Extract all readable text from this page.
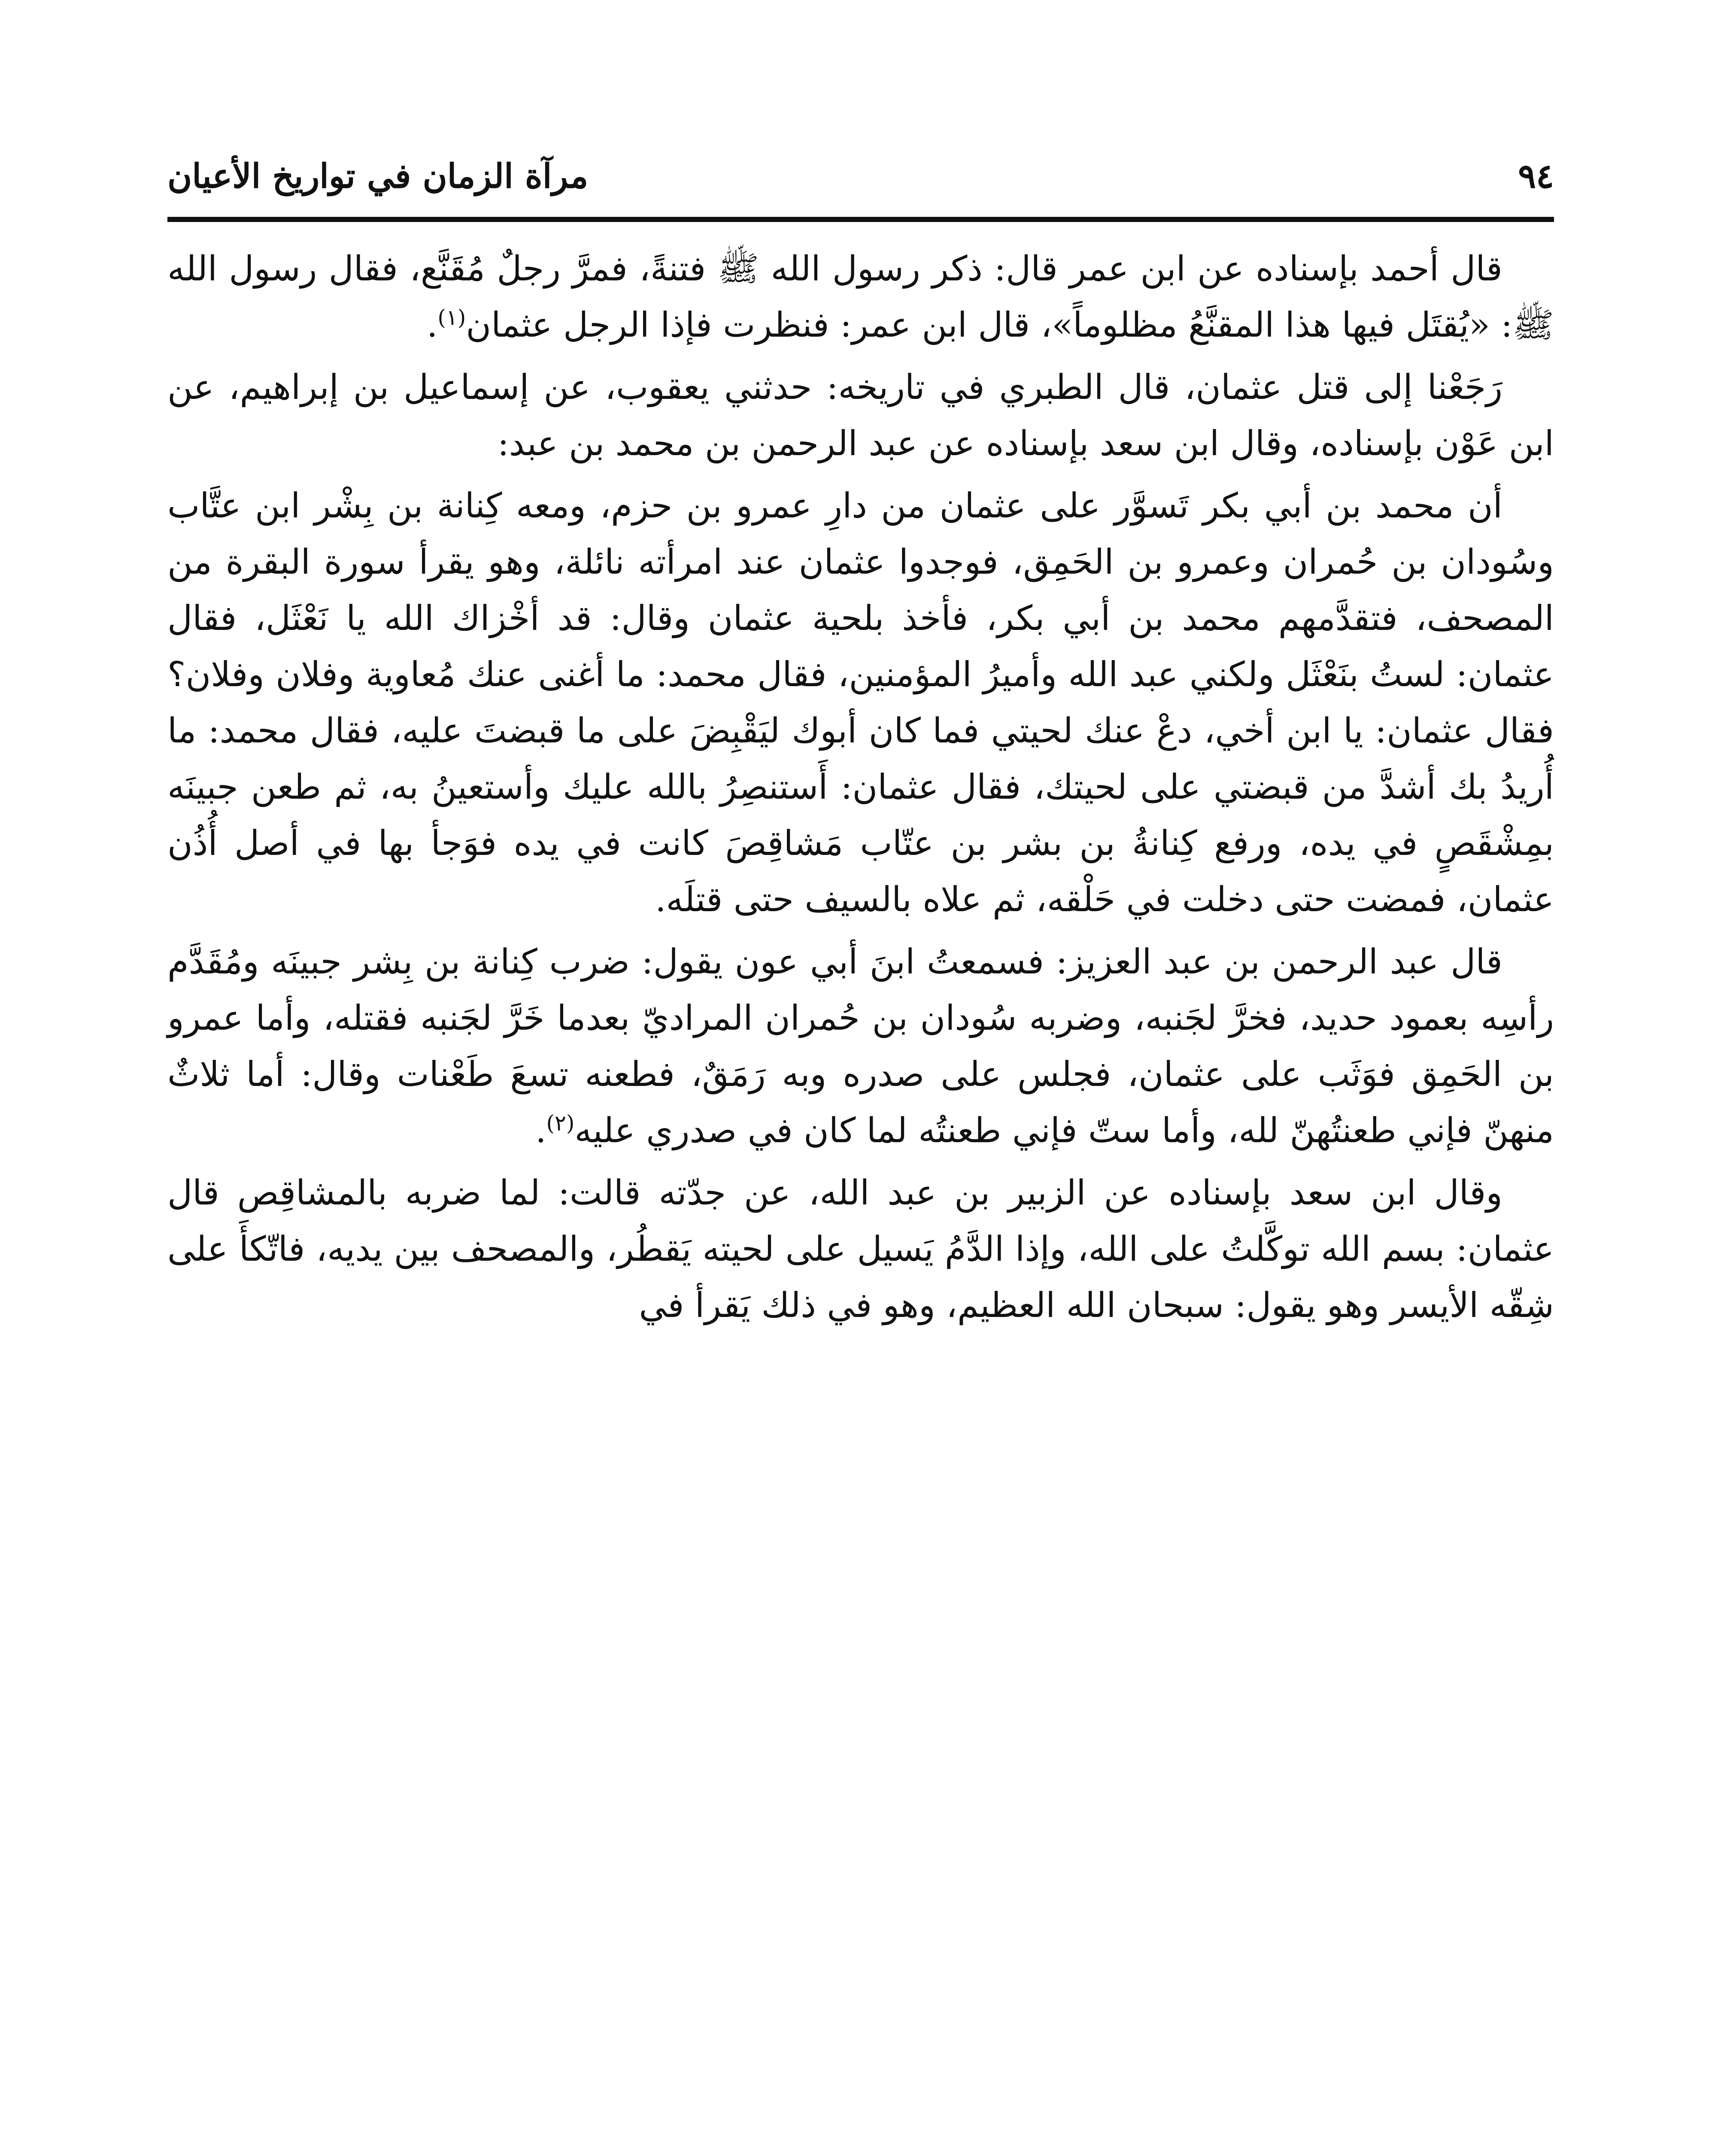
٩٤
مرآة الزمان في تواريخ الأعيان

قال أحمد بإسناده عن ابن عمر قال: ذكر رسول الله ﷺ فتنةً، فمرَّ رجلٌ مُقَنَّع، فقال رسول الله ﷺ: «يُقتَل فيها هذا المقنَّعُ مظلوماً»، قال ابن عمر: فنظرت فإذا الرجل عثمان$^{(١)}$.

رَجَعْنا إلى قتل عثمان، قال الطبري في تاريخه: حدثني يعقوب، عن إسماعيل بن إبراهيم، عن ابن عَوْن بإسناده، وقال ابن سعد بإسناده عن عبد الرحمن بن محمد بن عبد:

أن محمد بن أبي بكر تَسوَّر على عثمان من دارِ عمرو بن حزم، ومعه كِنانة بن بِشْر ابن عتَّاب وسُودان بن حُمران وعمرو بن الحَمِق، فوجدوا عثمان عند امرأته نائلة، وهو يقرأ سورة البقرة من المصحف، فتقدَّمهم محمد بن أبي بكر، فأخذ بلحية عثمان وقال: قد أخْزاك الله يا نَعْثَل، فقال عثمان: لستُ بنَعْثَل ولكني عبد الله وأميرُ المؤمنين، فقال محمد: ما أغنى عنك مُعاوية وفلان وفلان؟ فقال عثمان: يا ابن أخي، دعْ عنك لحيتي فما كان أبوك ليَقْبِضَ على ما قبضتَ عليه، فقال محمد: ما أُريدُ بك أشدَّ من قبضتي على لحيتك، فقال عثمان: أَستنصِرُ بالله عليك وأستعينُ به، ثم طعن جبينَه بمِشْقَصٍ في يده، ورفع كِنانةُ بن بشر بن عتّاب مَشاقِصَ كانت في يده فوَجأ بها في أصل أُذُن عثمان، فمضت حتى دخلت في حَلْقه، ثم علاه بالسيف حتى قتلَه.

قال عبد الرحمن بن عبد العزيز: فسمعتُ ابنَ أبي عون يقول: ضرب كِنانة بن بِشر جبينَه ومُقَدَّم رأسِه بعمود حديد، فخرَّ لجَنبه، وضربه سُودان بن حُمران المراديّ بعدما خَرَّ لجَنبه فقتله، وأما عمرو بن الحَمِق فوَثَب على عثمان، فجلس على صدره وبه رَمَقٌ، فطعنه تسعَ طَعْنات وقال: أما ثلاثٌ منهنّ فإني طعنتُهنّ لله، وأما ستّ فإني طعنتُه لما كان في صدري عليه$^{(٢)}$.

وقال ابن سعد بإسناده عن الزبير بن عبد الله، عن جدّته قالت: لما ضربه بالمشاقِص قال عثمان: بسم الله توكَّلتُ على الله، وإذا الدَّمُ يَسيل على لحيته يَقطُر، والمصحف بين يديه، فاتّكأَ على شِقّه الأيسر وهو يقول: سبحان الله العظيم، وهو في ذلك يَقرأ في
